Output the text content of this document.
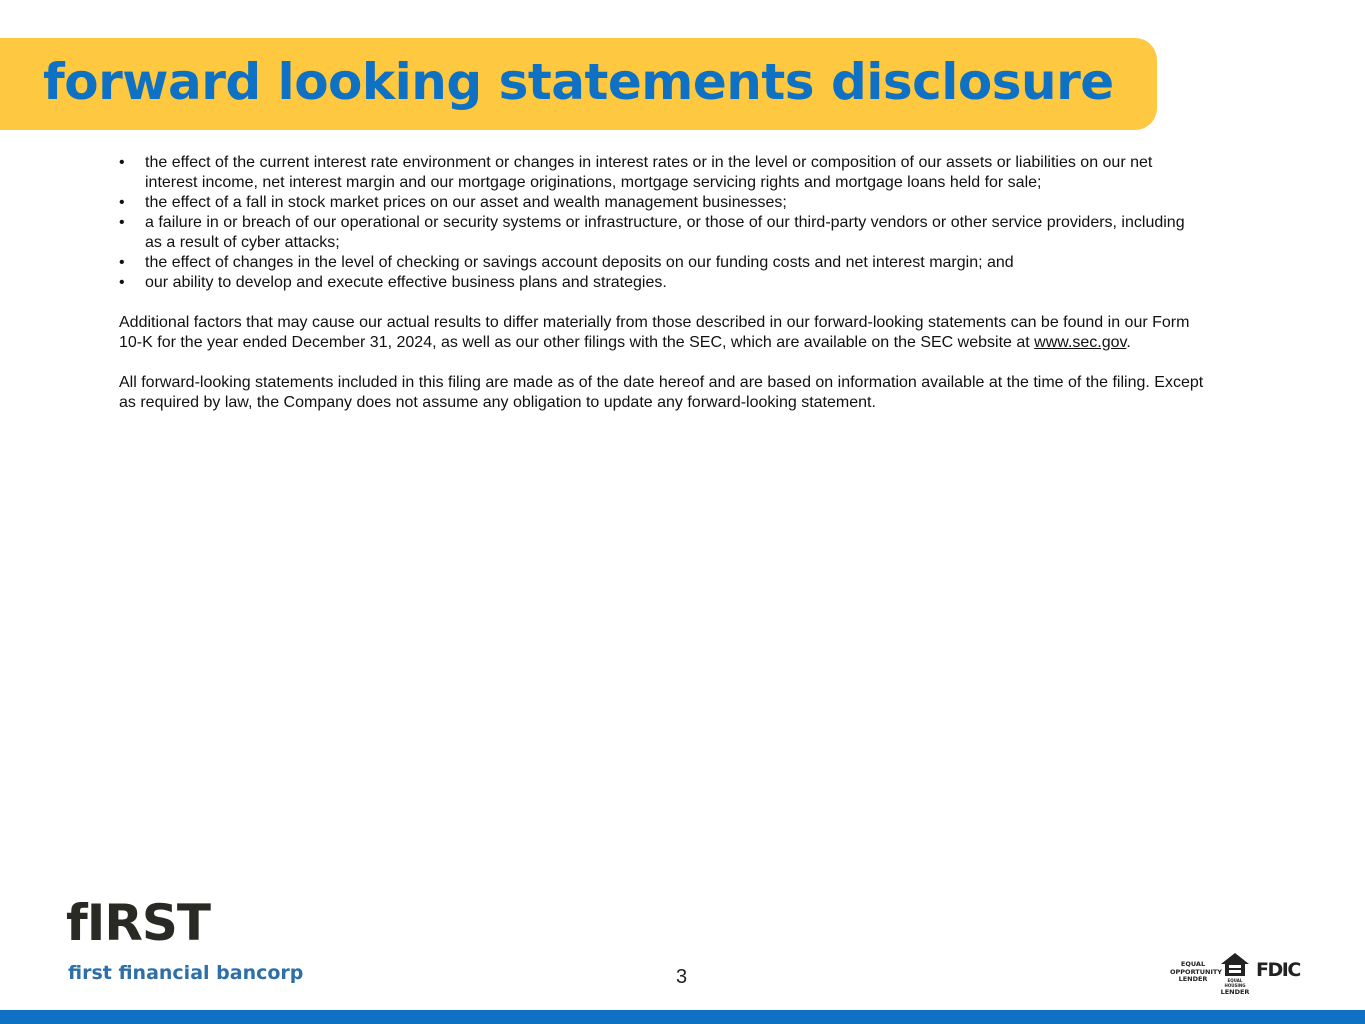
forward looking statements disclosure
• the effect of the current interest rate environment or changes in interest rates or in the level or composition of our assets or liabilities on our net interest income, net interest margin and our mortgage originations, mortgage servicing rights and mortgage loans held for sale;
• the effect of a fall in stock market prices on our asset and wealth management businesses;
• a failure in or breach of our operational or security systems or infrastructure, or those of our third-party vendors or other service providers, including as a result of cyber attacks;
• the effect of changes in the level of checking or savings account deposits on our funding costs and net interest margin; and
• our ability to develop and execute effective business plans and strategies.

Additional factors that may cause our actual results to differ materially from those described in our forward-looking statements can be found in our Form 10-K for the year ended December 31, 2024, as well as our other filings with the SEC, which are available on the SEC website at www.sec.gov.

All forward-looking statements included in this filing are made as of the date hereof and are based on information available at the time of the filing. Except as required by law, the Company does not assume any obligation to update any forward-looking statement.

fIRST
first financial bancorp	3
EQUAL
OPPORTUNITY
LENDER	EQUAL HOUSING
LENDER
FDIC
